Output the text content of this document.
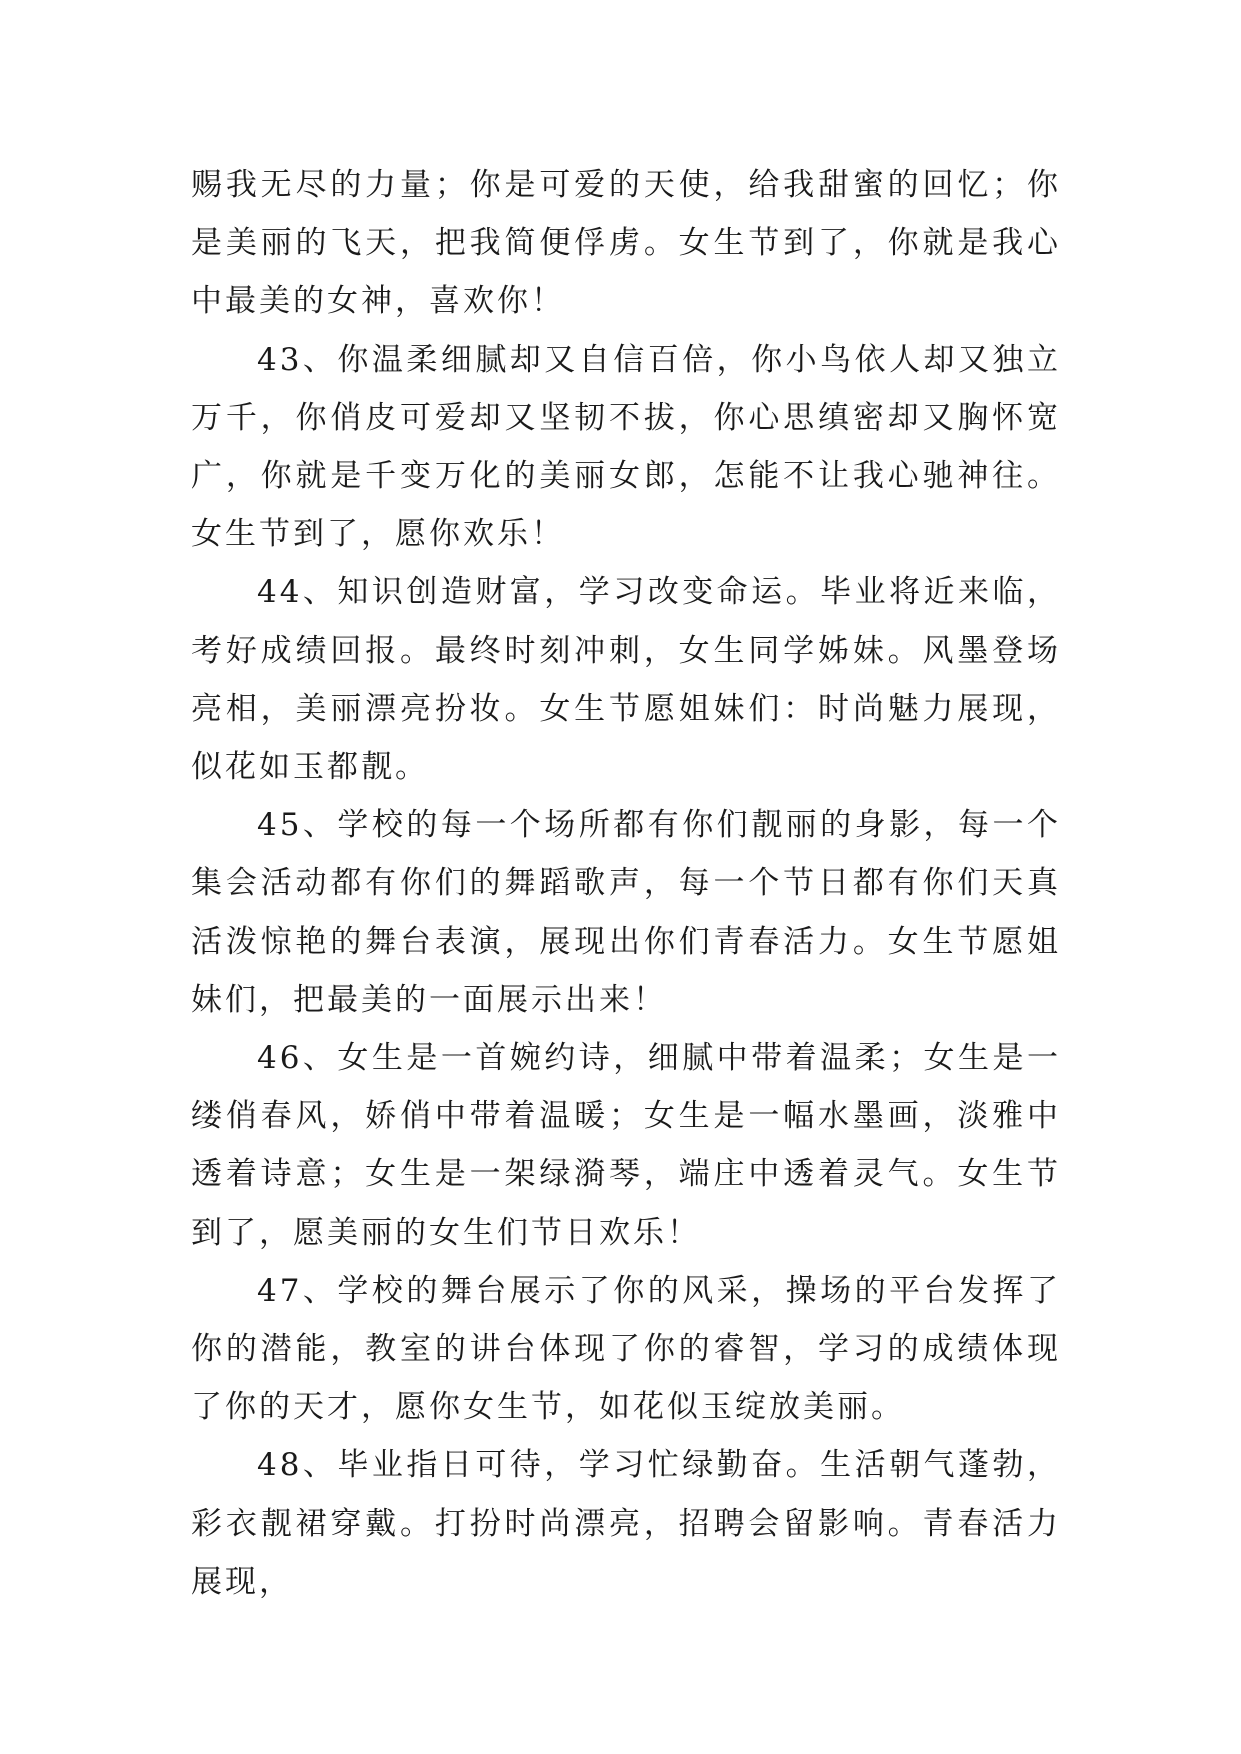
赐我无尽的力量；你是可爱的天使，给我甜蜜的回忆；你是美丽的飞天，把我简便俘虏。女生节到了，你就是我心中最美的女神，喜欢你！

43、你温柔细腻却又自信百倍，你小鸟依人却又独立万千，你俏皮可爱却又坚韧不拔，你心思缜密却又胸怀宽广，你就是千变万化的美丽女郎，怎能不让我心驰神往。女生节到了，愿你欢乐！

44、知识创造财富，学习改变命运。毕业将近来临，考好成绩回报。最终时刻冲刺，女生同学姊妹。风墨登场亮相，美丽漂亮扮妆。女生节愿姐妹们：时尚魅力展现，似花如玉都靓。

45、学校的每一个场所都有你们靓丽的身影，每一个集会活动都有你们的舞蹈歌声，每一个节日都有你们天真活泼惊艳的舞台表演，展现出你们青春活力。女生节愿姐妹们，把最美的一面展示出来！

46、女生是一首婉约诗，细腻中带着温柔；女生是一缕俏春风，娇俏中带着温暖；女生是一幅水墨画，淡雅中透着诗意；女生是一架绿漪琴，端庄中透着灵气。女生节到了，愿美丽的女生们节日欢乐！

47、学校的舞台展示了你的风采，操场的平台发挥了你的潜能，教室的讲台体现了你的睿智，学习的成绩体现了你的天才，愿你女生节，如花似玉绽放美丽。

48、毕业指日可待，学习忙绿勤奋。生活朝气蓬勃，彩衣靓裙穿戴。打扮时尚漂亮，招聘会留影响。青春活力展现，
